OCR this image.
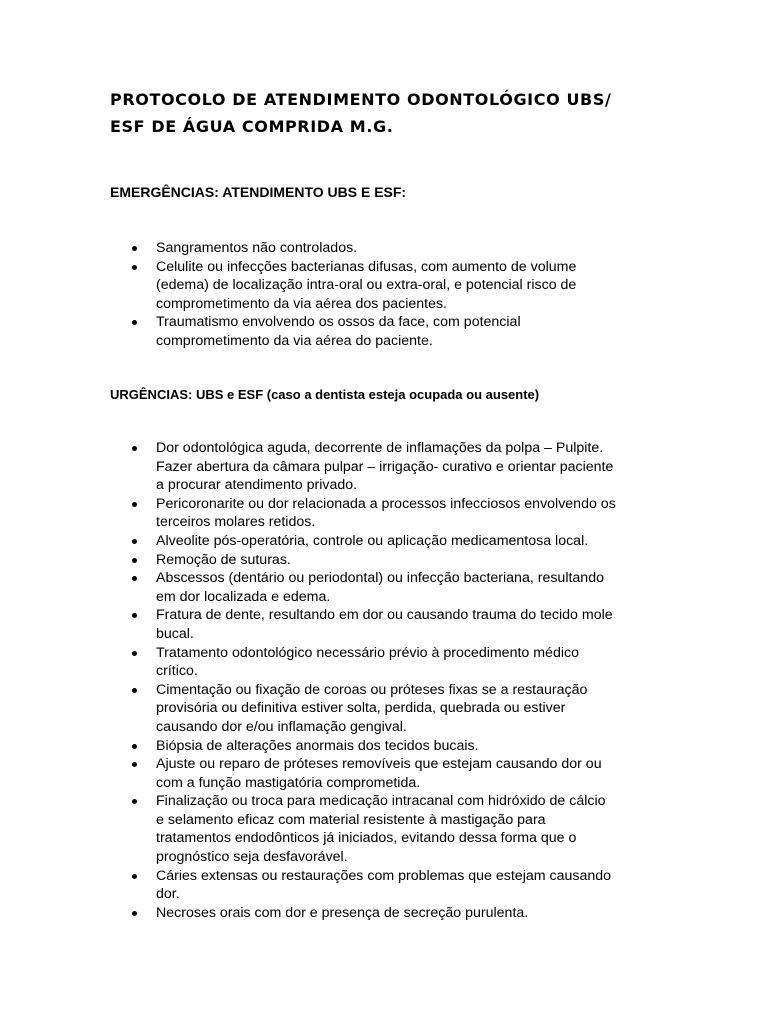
PROTOCOLO DE ATENDIMENTO ODONTOLÓGICO UBS/
ESF DE ÁGUA COMPRIDA M.G.
EMERGÊNCIAS: ATENDIMENTO UBS E ESF:
Sangramentos não controlados.
Celulite ou infecções bacterianas difusas, com aumento de volume
(edema) de localização intra-oral ou extra-oral, e potencial risco de
comprometimento da via aérea dos pacientes.
Traumatismo envolvendo os ossos da face, com potencial
comprometimento da via aérea do paciente.
URGÊNCIAS: UBS e ESF (caso a dentista esteja ocupada ou ausente)
Dor odontológica aguda, decorrente de inflamações da polpa – Pulpite.
Fazer abertura da câmara pulpar – irrigação- curativo e orientar paciente
a procurar atendimento privado.
Pericoronarite ou dor relacionada a processos infecciosos envolvendo os
terceiros molares retidos.
Alveolite pós-operatória, controle ou aplicação medicamentosa local.
Remoção de suturas.
Abscessos (dentário ou periodontal) ou infecção bacteriana, resultando
em dor localizada e edema.
Fratura de dente, resultando em dor ou causando trauma do tecido mole
bucal.
Tratamento odontológico necessário prévio à procedimento médico
crítico.
Cimentação ou fixação de coroas ou próteses fixas se a restauração
provisória ou definitiva estiver solta, perdida, quebrada ou estiver
causando dor e/ou inflamação gengival.
Biópsia de alterações anormais dos tecidos bucais.
Ajuste ou reparo de próteses removíveis que estejam causando dor ou
com a função mastigatória comprometida.
Finalização ou troca para medicação intracanal com hidróxido de cálcio
e selamento eficaz com material resistente à mastigação para
tratamentos endodônticos já iniciados, evitando dessa forma que o
prognóstico seja desfavorável.
Cáries extensas ou restaurações com problemas que estejam causando
dor.
Necroses orais com dor e presença de secreção purulenta.
